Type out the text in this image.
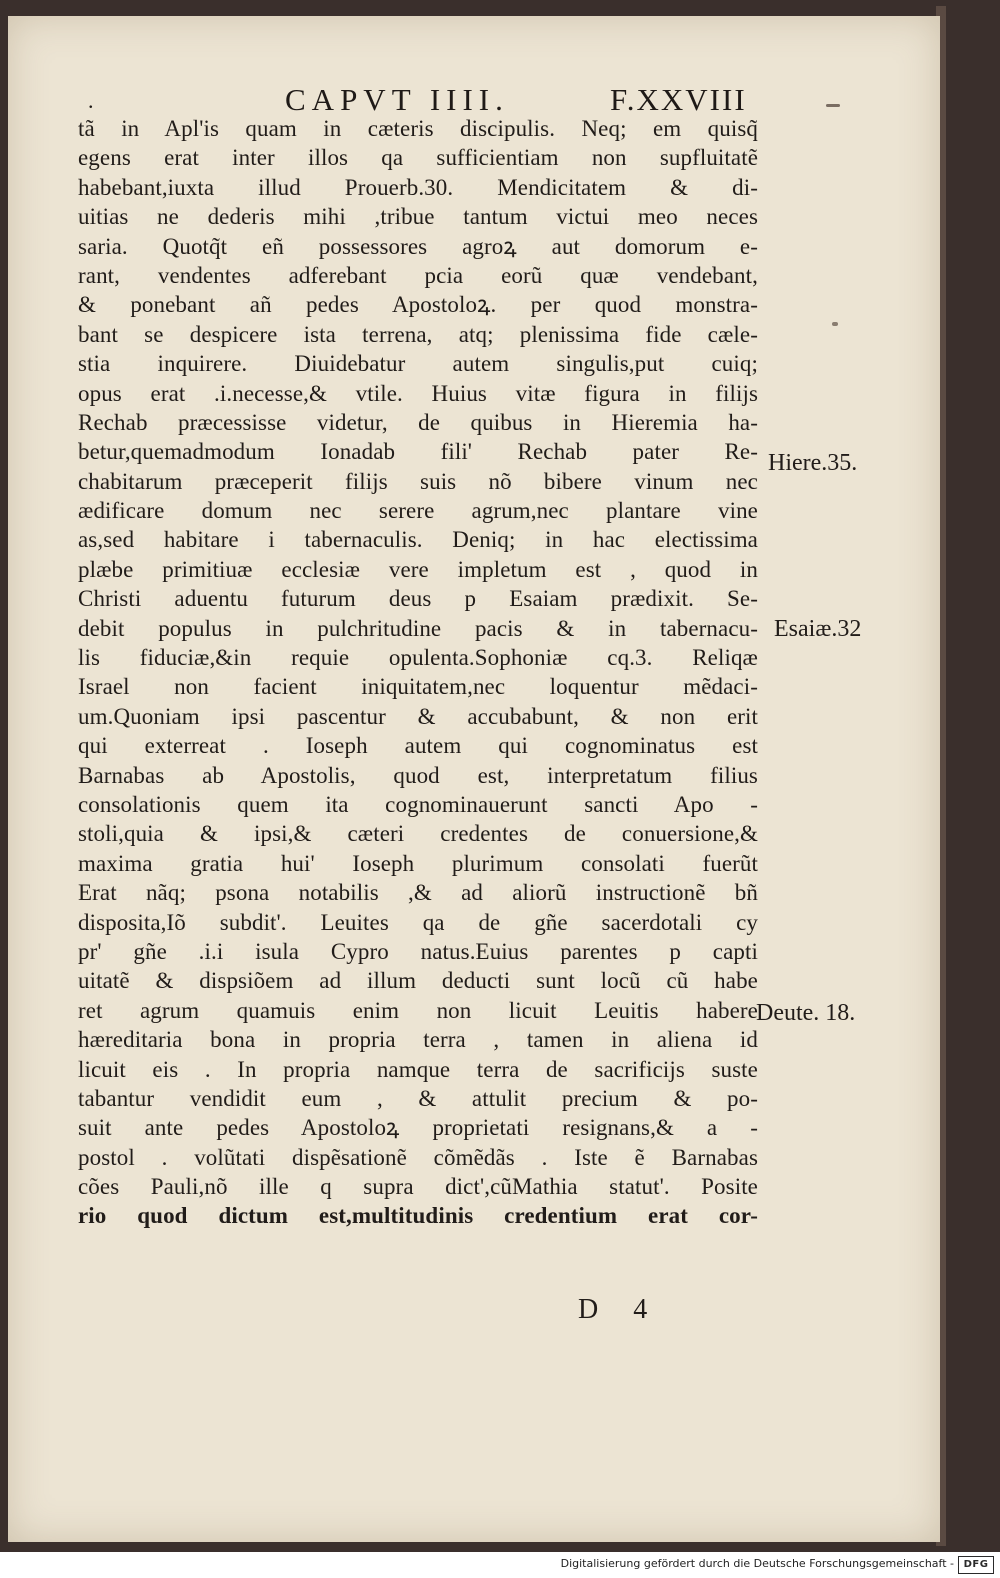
.	CAPVT IIII.	F.XXVIII
tã in Apl'is quam in cæteris discipulis. Neq; em quisq̃
egens erat inter illos qa sufficientiam non supfluitatẽ
habebant,iuxta illud Prouerb.30. Mendicitatem & di-
uitias ne dederis mihi ,tribue tantum victui meo neces
saria. Quotq̃t eñ possessores agroꝝ aut domorum e-
rant, vendentes adferebant pcia eorũ quæ vendebant,
& ponebant añ pedes Apostoloꝝ. per quod monstra-
bant se despicere ista terrena, atq; plenissima fide cæle-
stia inquirere. Diuidebatur autem singulis,put cuiq;
opus erat .i.necesse,& vtile. Huius vitæ figura in filijs
Rechab præcessisse videtur, de quibus in Hieremia ha-
betur,quemadmodum Ionadab fili' Rechab pater Re-
chabitarum præceperit filijs suis nõ bibere vinum nec
ædificare domum nec serere agrum,nec plantare vine
as,sed habitare i tabernaculis. Deniq; in hac electissima
plæbe primitiuæ ecclesiæ vere impletum est , quod in
Christi aduentu futurum deus p Esaiam prædixit. Se-
debit populus in pulchritudine pacis & in tabernacu-
lis fiduciæ,&in requie opulenta.Sophoniæ cq.3. Reliqæ
Israel non facient iniquitatem,nec loquentur mẽdaci-
um.Quoniam ipsi pascentur & accubabunt, & non erit
qui exterreat . Ioseph autem qui cognominatus est
Barnabas ab Apostolis, quod est, interpretatum filius
consolationis quem ita cognominauerunt sancti Apo -
stoli,quia & ipsi,& cæteri credentes de conuersione,&
maxima gratia hui' Ioseph plurimum consolati fuerũt
Erat nãq; psona notabilis ,& ad aliorũ instructionẽ bñ
disposita,Iõ subdit'. Leuites qa de gñe sacerdotali cy
pr' gñe .i.i isula Cypro natus.Euius parentes p capti
uitatẽ & dispsiõem ad illum deducti sunt locũ cũ habe
ret agrum quamuis enim non licuit Leuitis habere
hæreditaria bona in propria terra , tamen in aliena id
licuit eis . In propria namque terra de sacrificijs suste
tabantur vendidit eum , & attulit precium & po-
suit ante pedes Apostoloꝝ proprietati resignans,& a -
postol . volũtati dispẽsationẽ cõmẽdãs . Iste ẽ Barnabas
cões Pauli,nõ ille q supra dict',cũMathia statut'. Posite
rio quod dictum est,multitudinis credentium erat cor-
Hiere.35.
Esaiæ.32
Deute. 18.
D 4
Digitalisierung gefördert durch die Deutsche Forschungsgemeinschaft - DFG
